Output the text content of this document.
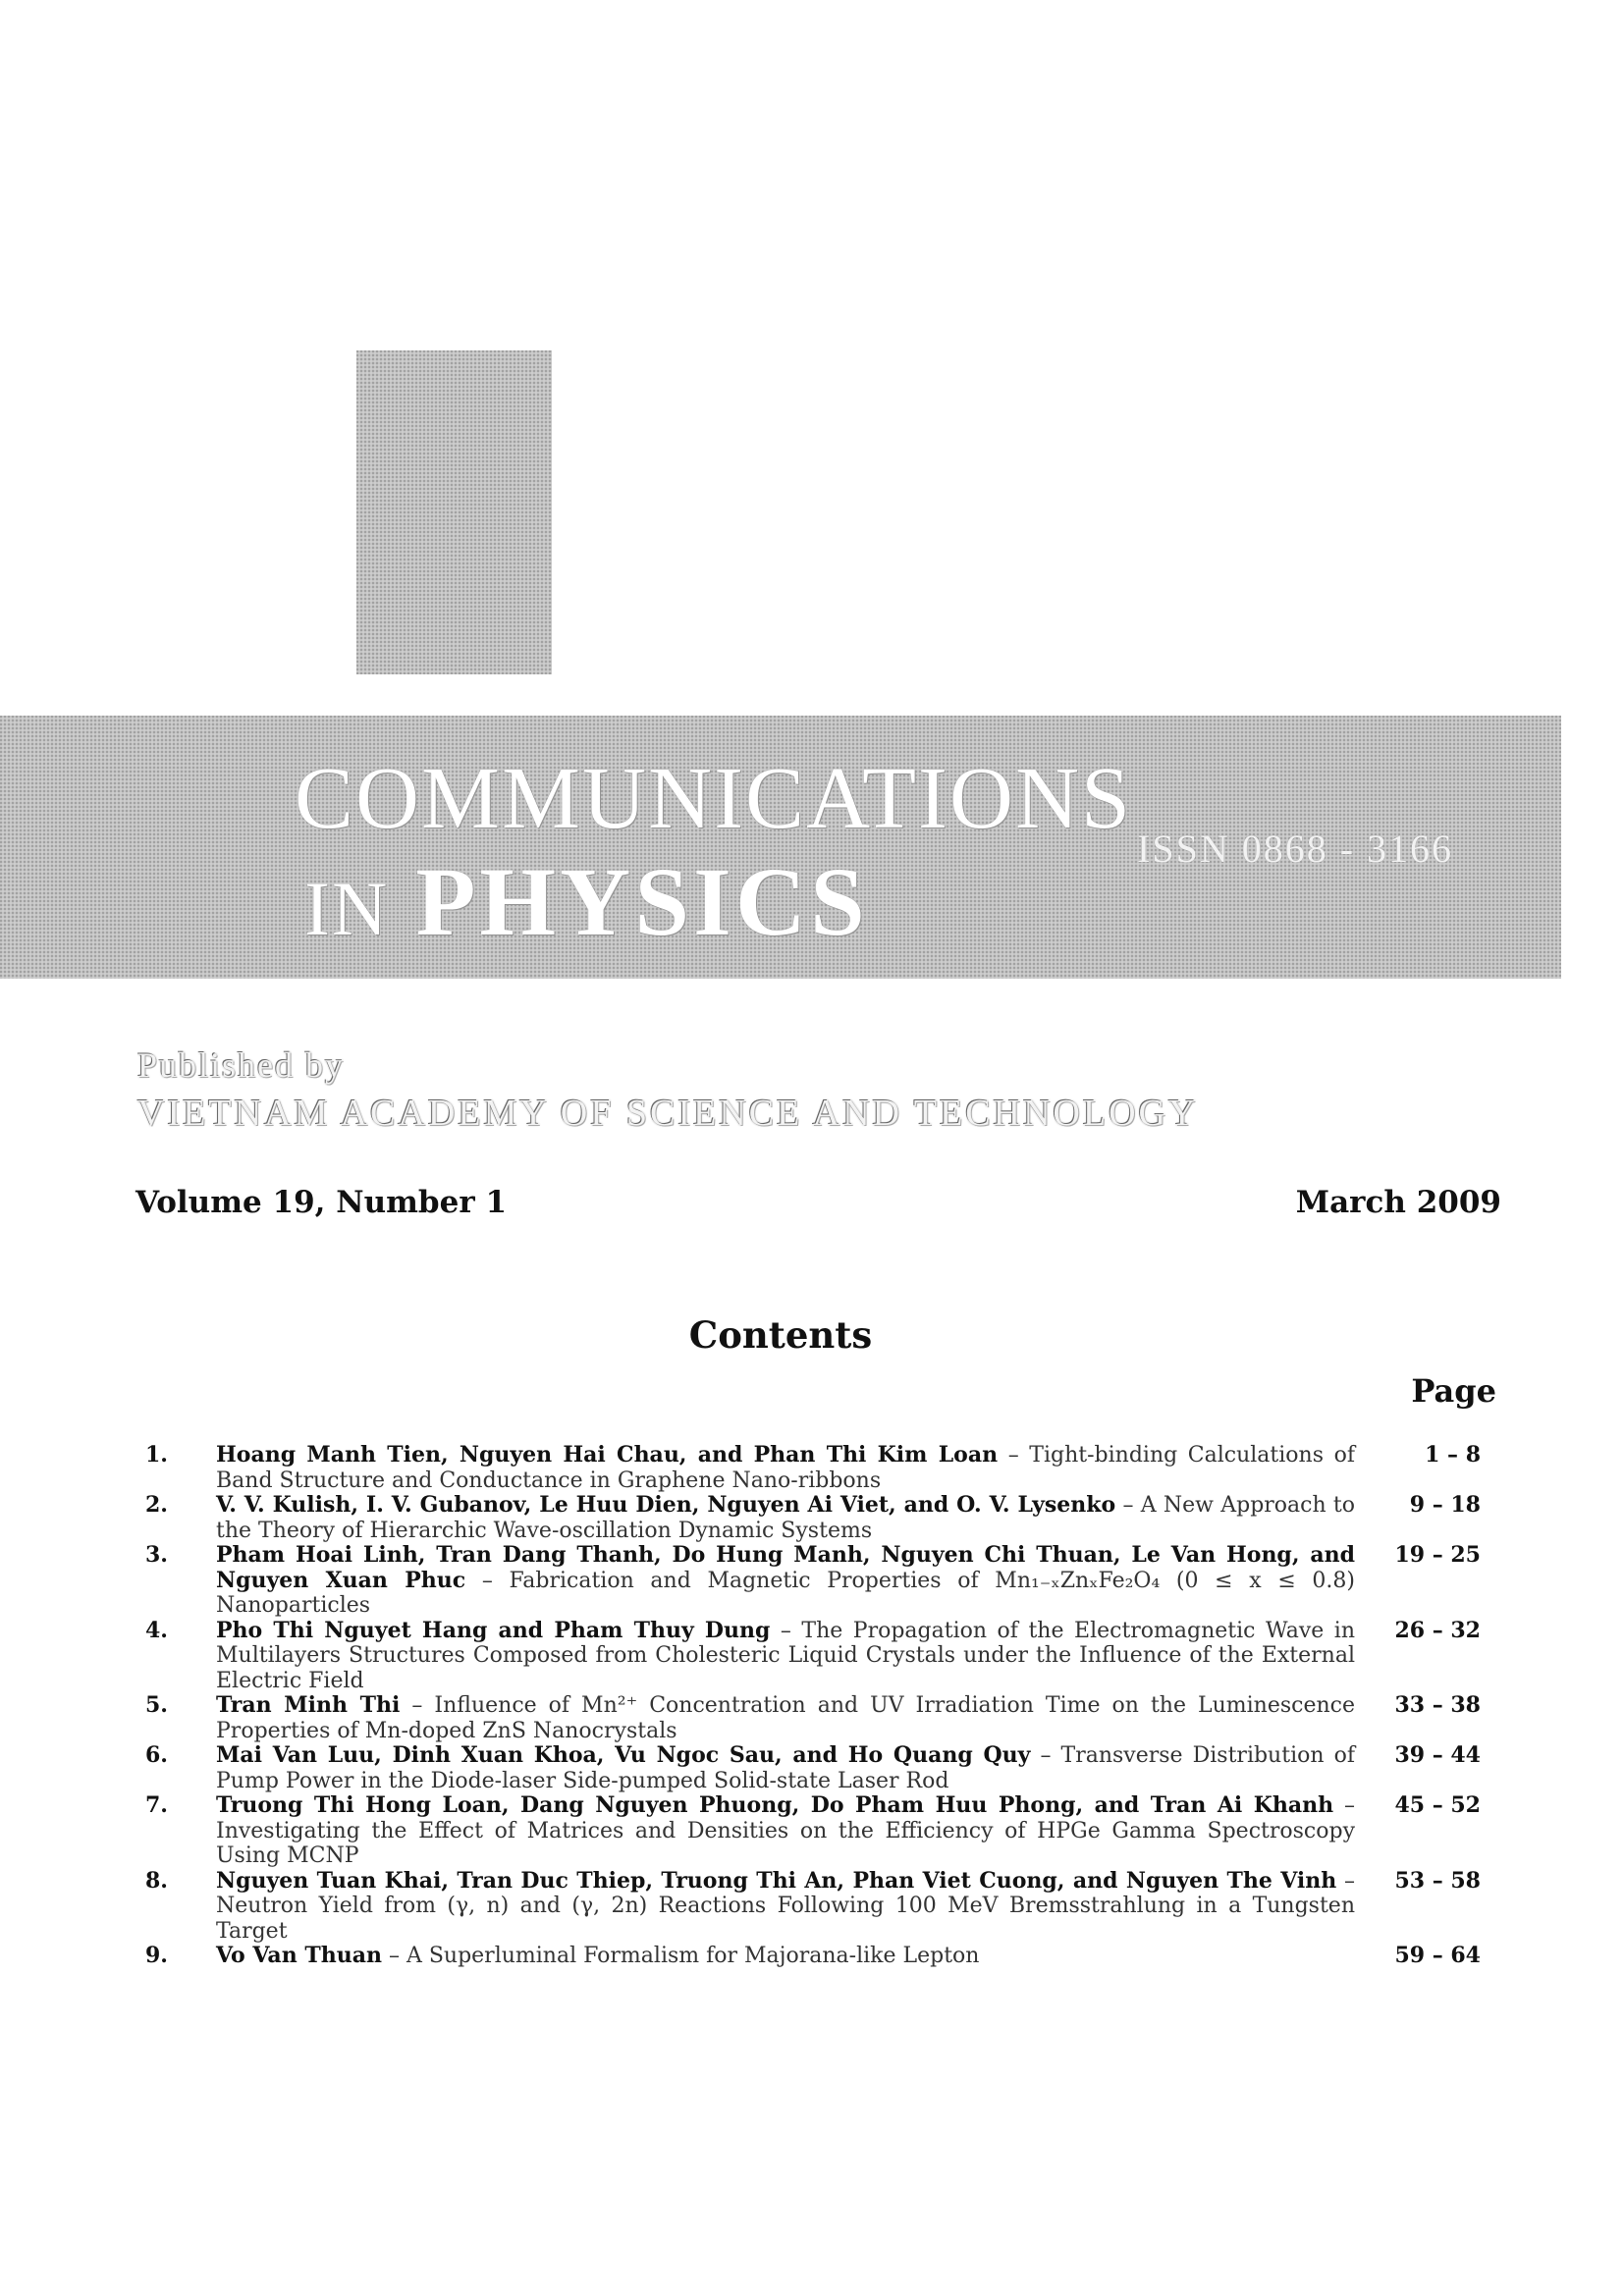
COMMUNICATIONS
IN PHYSICS	ISSN 0868 - 3166
Published by
VIETNAM ACADEMY OF SCIENCE AND TECHNOLOGY
Volume 19, Number 1	March 2009
Contents
Page
1.	Hoang Manh Tien, Nguyen Hai Chau, and Phan Thi Kim Loan – Tight-binding Calculations of Band Structure and Conductance in Graphene Nano-ribbons	1 – 8
2.	V. V. Kulish, I. V. Gubanov, Le Huu Dien, Nguyen Ai Viet, and O. V. Lysenko – A New Approach to the Theory of Hierarchic Wave-oscillation Dynamic Systems	9 – 18
3.	Pham Hoai Linh, Tran Dang Thanh, Do Hung Manh, Nguyen Chi Thuan, Le Van Hong, and Nguyen Xuan Phuc – Fabrication and Magnetic Properties of Mn₁₋ₓZnₓFe₂O₄ (0 ≤ x ≤ 0.8) Nanoparticles	19 – 25
4.	Pho Thi Nguyet Hang and Pham Thuy Dung – The Propagation of the Electromagnetic Wave in Multilayers Structures Composed from Cholesteric Liquid Crystals under the Influence of the External Electric Field	26 – 32
5.	Tran Minh Thi – Influence of Mn²⁺ Concentration and UV Irradiation Time on the Luminescence Properties of Mn-doped ZnS Nanocrystals	33 – 38
6.	Mai Van Luu, Dinh Xuan Khoa, Vu Ngoc Sau, and Ho Quang Quy – Transverse Distribution of Pump Power in the Diode-laser Side-pumped Solid-state Laser Rod	39 – 44
7.	Truong Thi Hong Loan, Dang Nguyen Phuong, Do Pham Huu Phong, and Tran Ai Khanh – Investigating the Effect of Matrices and Densities on the Efficiency of HPGe Gamma Spectroscopy Using MCNP	45 – 52
8.	Nguyen Tuan Khai, Tran Duc Thiep, Truong Thi An, Phan Viet Cuong, and Nguyen The Vinh – Neutron Yield from (γ, n) and (γ, 2n) Reactions Following 100 MeV Bremsstrahlung in a Tungsten Target	53 – 58
9.	Vo Van Thuan – A Superluminal Formalism for Majorana-like Lepton	59 – 64
